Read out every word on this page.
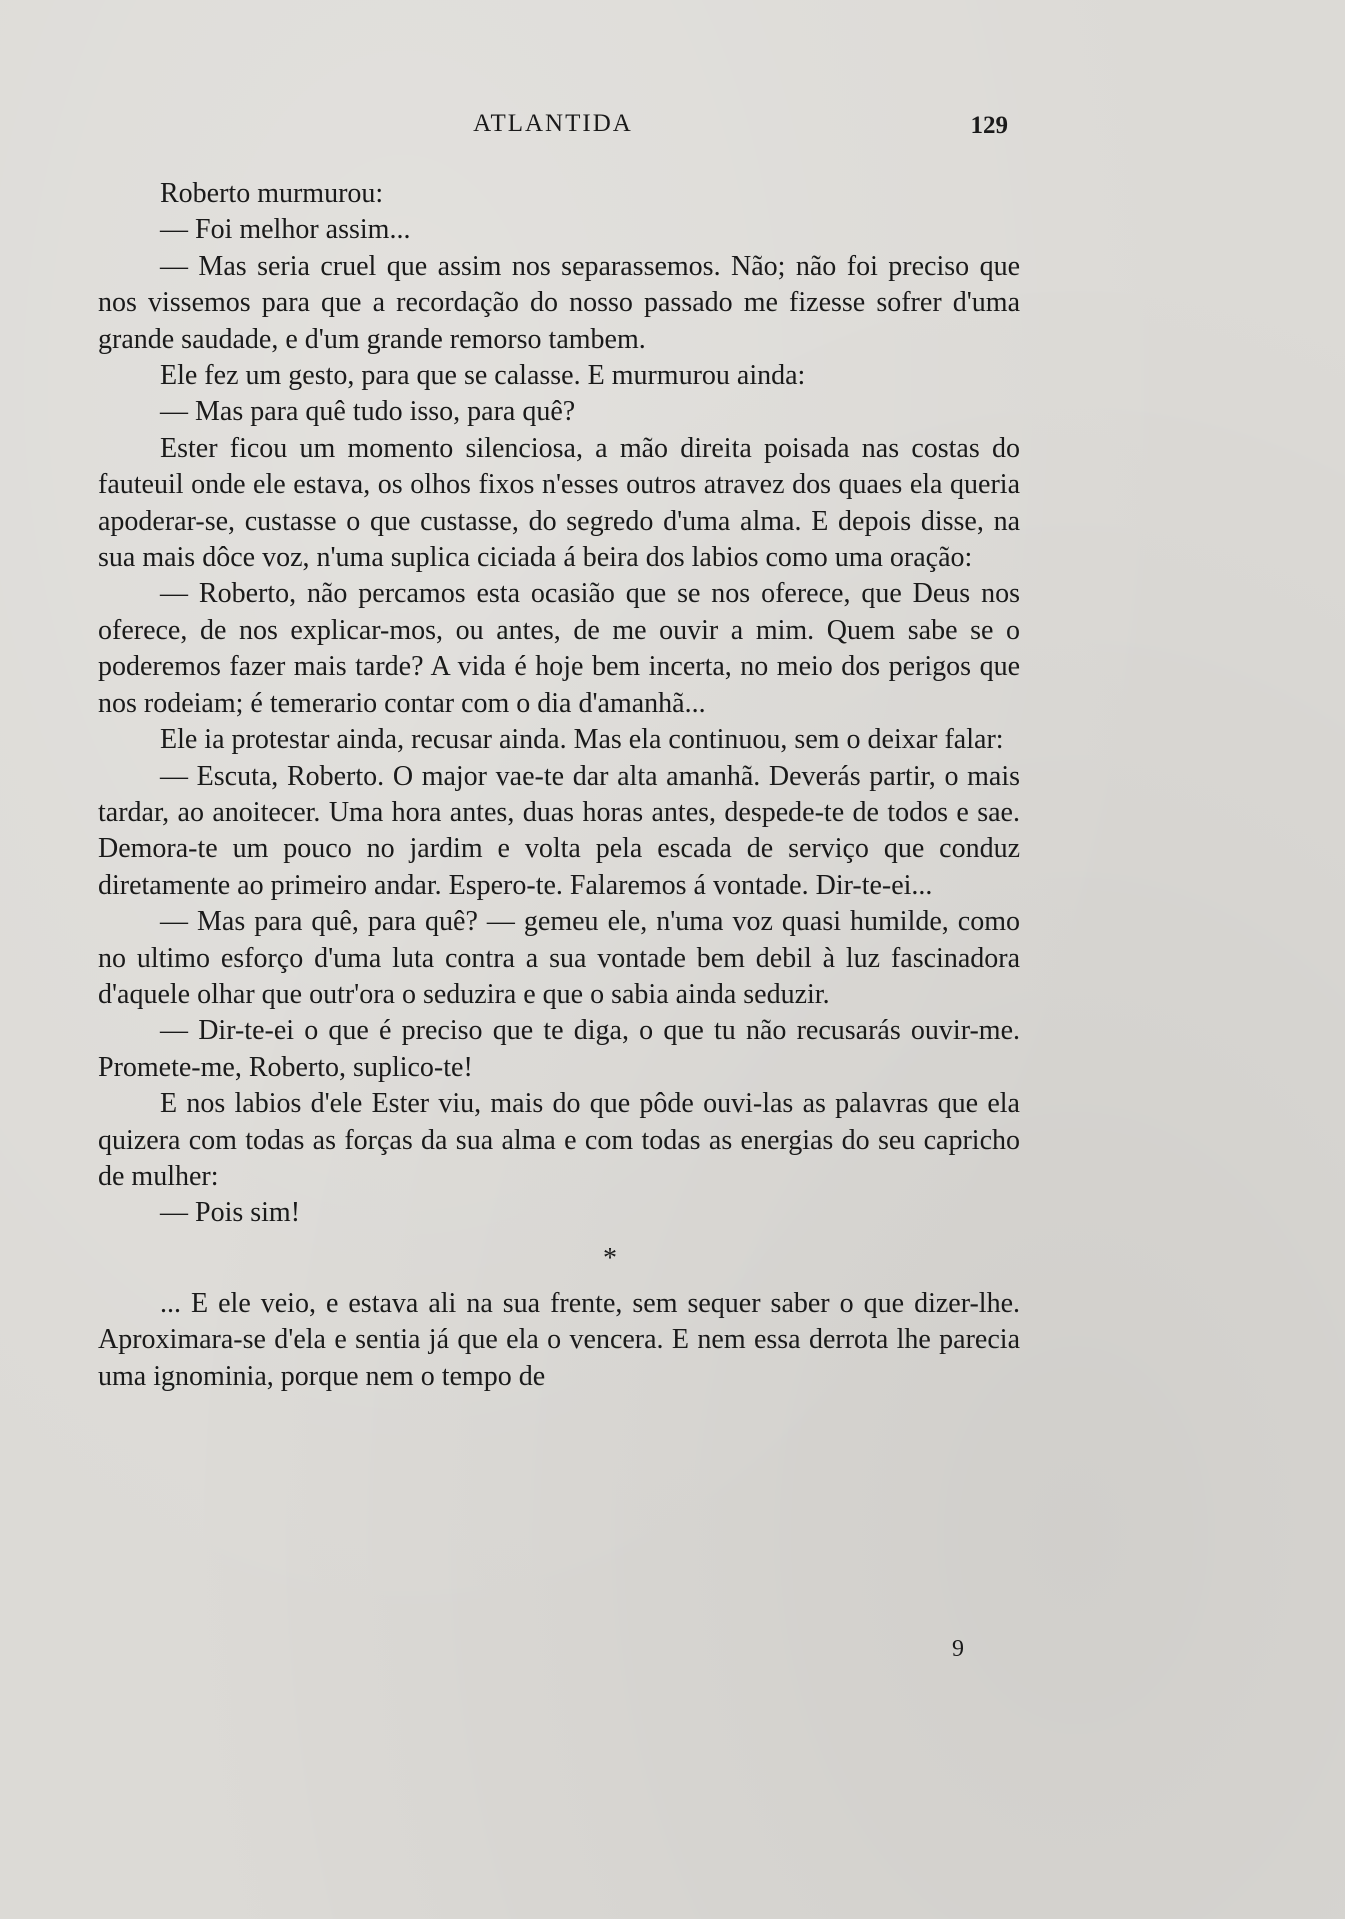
ATLANTIDA	129

Roberto murmurou:

— Foi melhor assim...

— Mas seria cruel que assim nos separassemos. Não; não foi preciso que nos vissemos para que a recordação do nosso passado me fizesse sofrer d'uma grande saudade, e d'um grande remorso tambem.

Ele fez um gesto, para que se calasse. E murmurou ainda:

— Mas para quê tudo isso, para quê?

Ester ficou um momento silenciosa, a mão direita poisada nas costas do fauteuil onde ele estava, os olhos fixos n'esses outros atravez dos quaes ela queria apoderar-se, custasse o que custasse, do segredo d'uma alma. E depois disse, na sua mais dôce voz, n'uma suplica ciciada á beira dos labios como uma oração:

— Roberto, não percamos esta ocasião que se nos oferece, que Deus nos oferece, de nos explicar-mos, ou antes, de me ouvir a mim. Quem sabe se o poderemos fazer mais tarde? A vida é hoje bem incerta, no meio dos perigos que nos rodeiam; é temerario contar com o dia d'amanhã...

Ele ia protestar ainda, recusar ainda. Mas ela continuou, sem o deixar falar:

— Escuta, Roberto. O major vae-te dar alta amanhã. Deverás partir, o mais tardar, ao anoitecer. Uma hora antes, duas horas antes, despede-te de todos e sae. Demora-te um pouco no jardim e volta pela escada de serviço que conduz diretamente ao primeiro andar. Espero-te. Falaremos á vontade. Dir-te-ei...

— Mas para quê, para quê? — gemeu ele, n'uma voz quasi humilde, como no ultimo esforço d'uma luta contra a sua vontade bem debil à luz fascinadora d'aquele olhar que outr'ora o seduzira e que o sabia ainda seduzir.

— Dir-te-ei o que é preciso que te diga, o que tu não recusarás ouvir-me. Promete-me, Roberto, suplico-te!

E nos labios d'ele Ester viu, mais do que pôde ouvi-las as palavras que ela quizera com todas as forças da sua alma e com todas as energias do seu capricho de mulher:

— Pois sim!

*

... E ele veio, e estava ali na sua frente, sem sequer saber o que dizer-lhe. Aproximara-se d'ela e sentia já que ela o vencera. E nem essa derrota lhe parecia uma ignominia, porque nem o tempo de

9
